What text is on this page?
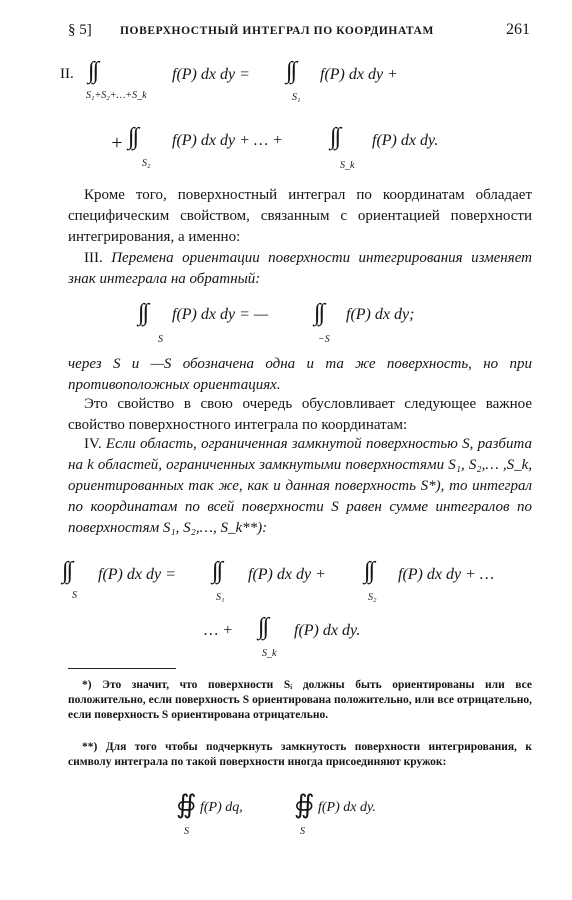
§ 5] ПОВЕРХНОСТНЫЙ ИНТЕГРАЛ ПО КООРДИНАТАМ	261
II. ∫∫
S₁+S₂+…+S_k
f(P) dx dy = ∫∫
S₁
f(P) dx dy +
+ ∫∫
S₂
f(P) dx dy + … + ∫∫
S_k
f(P) dx dy.
Кроме того, поверхностный интеграл по координатам обладает специфическим свойством, связанным с ориентацией поверхности интегрирования, а именно:
III. Перемена ориентации поверхности интегрирования изменяет знак интеграла на обратный:
∫∫
S
f(P) dx dy = — ∫∫
−S
f(P) dx dy;
через S и —S обозначена одна и та же поверхность, но при противоположных ориентациях.
Это свойство в свою очередь обусловливает следующее важное свойство поверхностного интеграла по координатам:
IV. Если область, ограниченная замкнутой поверхностью S, разбита на k областей, ограниченных замкнутыми поверхностями S₁, S₂,… ,S_k, ориентированных так же, как и данная поверхность S*), то интеграл по координатам по всей поверхности S равен сумме интегралов по поверхностям S₁, S₂,…, S_k**):
∫∫
S
f(P) dx dy = ∫∫
S₁
f(P) dx dy + ∫∫
S₂
f(P) dx dy + …
… + ∫∫
S_k
f(P) dx dy.
*) Это значит, что поверхности Sᵢ должны быть ориентированы или все положительно, если поверхность S ориентирована положительно, или все отрицательно, если поверхность S ориентирована отрицательно.
**) Для того чтобы подчеркнуть замкнутость поверхности интегрирования, к символу интеграла по такой поверхности иногда присоединяют кружок:
∯
S
f(P) dq, ∯
S
f(P) dx dy.
